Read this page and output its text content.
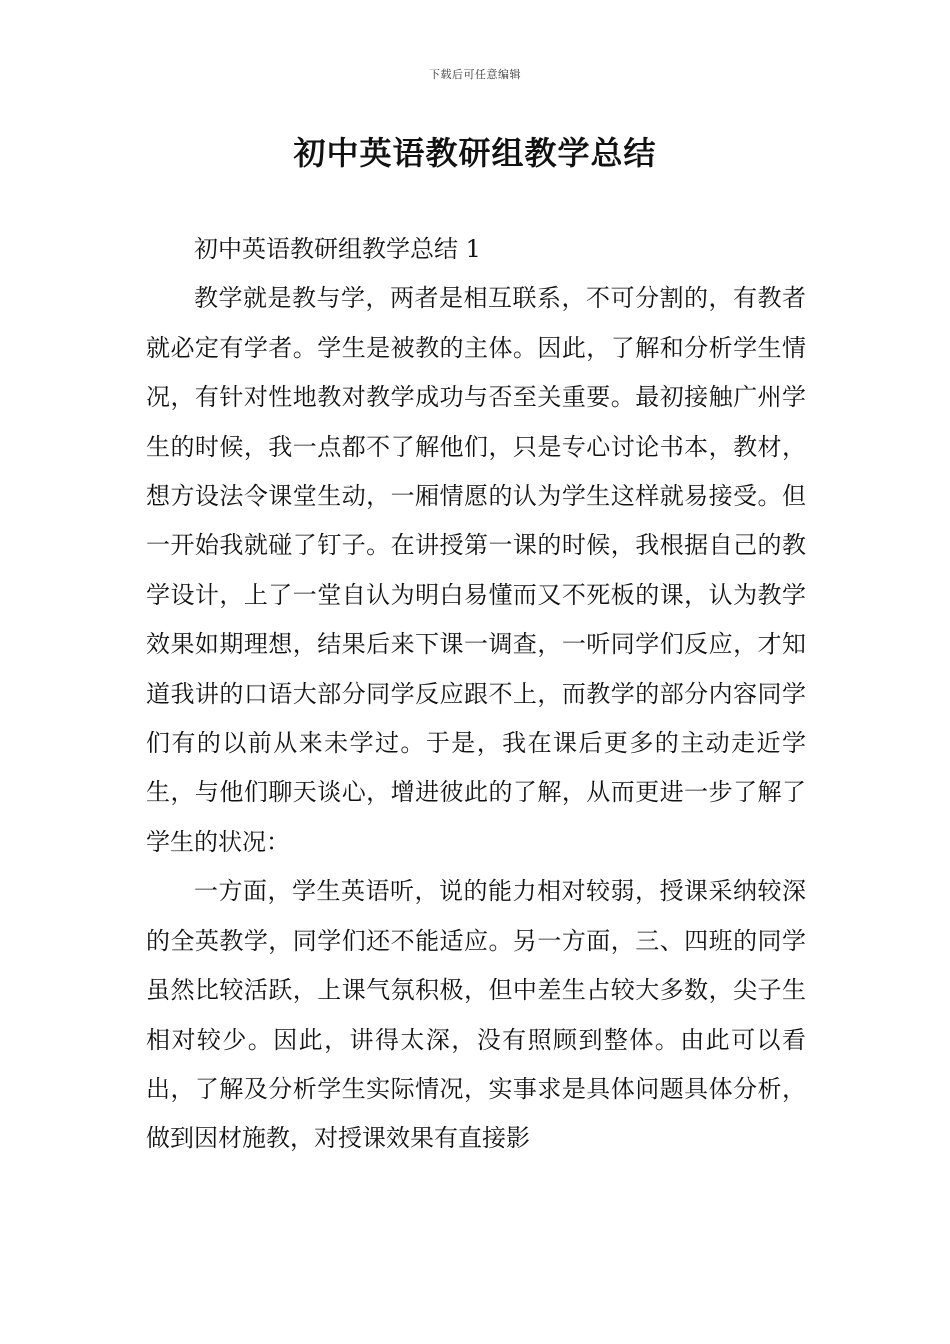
下载后可任意编辑
初中英语教研组教学总结

初中英语教研组教学总结 1

教学就是教与学，两者是相互联系，不可分割的，有教者就必定有学者。学生是被教的主体。因此，了解和分析学生情况，有针对性地教对教学成功与否至关重要。最初接触广州学生的时候，我一点都不了解他们，只是专心讨论书本，教材，想方设法令课堂生动，一厢情愿的认为学生这样就易接受。但一开始我就碰了钉子。在讲授第一课的时候，我根据自己的教学设计，上了一堂自认为明白易懂而又不死板的课，认为教学效果如期理想，结果后来下课一调查，一听同学们反应，才知道我讲的口语大部分同学反应跟不上，而教学的部分内容同学们有的以前从来未学过。于是，我在课后更多的主动走近学生，与他们聊天谈心，增进彼此的了解，从而更进一步了解了学生的状况：

一方面，学生英语听，说的能力相对较弱，授课采纳较深的全英教学，同学们还不能适应。另一方面，三、四班的同学虽然比较活跃，上课气氛积极，但中差生占较大多数，尖子生相对较少。因此，讲得太深，没有照顾到整体。由此可以看出，了解及分析学生实际情况，实事求是具体问题具体分析，做到因材施教，对授课效果有直接影
